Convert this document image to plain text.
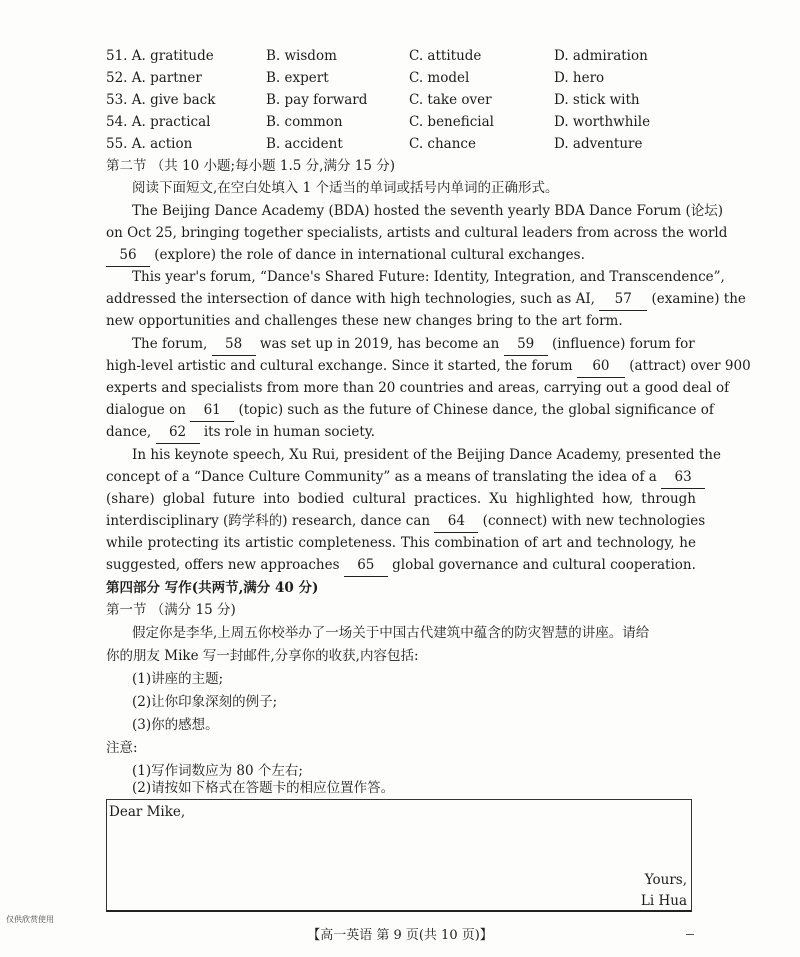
51. A. gratitude	B. wisdom	C. attitude	D. admiration
52. A. partner	B. expert	C. model	D. hero
53. A. give back	B. pay forward	C. take over	D. stick with
54. A. practical	B. common	C. beneficial	D. worthwhile
55. A. action	B. accident	C. chance	D. adventure
第二节 （共 10 小题;每小题 1.5 分,满分 15 分)
阅读下面短文,在空白处填入 1 个适当的单词或括号内单词的正确形式。
The Beijing Dance Academy (BDA) hosted the seventh yearly BDA Dance Forum (论坛)
on Oct 25, bringing together specialists, artists and cultural leaders from across the world
56 (explore) the role of dance in international cultural exchanges.
This year's forum, “Dance's Shared Future: Identity, Integration, and Transcendence”,
addressed the intersection of dance with high technologies, such as AI, 57 (examine) the
new opportunities and challenges these new changes bring to the art form.
The forum, 58 was set up in 2019, has become an 59 (influence) forum for
high-level artistic and cultural exchange. Since it started, the forum 60 (attract) over 900
experts and specialists from more than 20 countries and areas, carrying out a good deal of
dialogue on 61 (topic) such as the future of Chinese dance, the global significance of
dance, 62 its role in human society.
In his keynote speech, Xu Rui, president of the Beijing Dance Academy, presented the
concept of a “Dance Culture Community” as a means of translating the idea of a 63
(share) global future into bodied cultural practices. Xu highlighted how, through
interdisciplinary (跨学科的) research, dance can 64 (connect) with new technologies
while protecting its artistic completeness. This combination of art and technology, he
suggested, offers new approaches 65 global governance and cultural cooperation.
第四部分 写作(共两节,满分 40 分)
第一节 （满分 15 分)
假定你是李华,上周五你校举办了一场关于中国古代建筑中蕴含的防灾智慧的讲座。请给
你的朋友 Mike 写一封邮件,分享你的收获,内容包括:
(1)讲座的主题;
(2)让你印象深刻的例子;
(3)你的感想。
注意:
(1)写作词数应为 80 个左右;
(2)请按如下格式在答题卡的相应位置作答。
Dear Mike,
Yours,
Li Hua
仅供欣赏使用
【高一英语 第 9 页(共 10 页)】
